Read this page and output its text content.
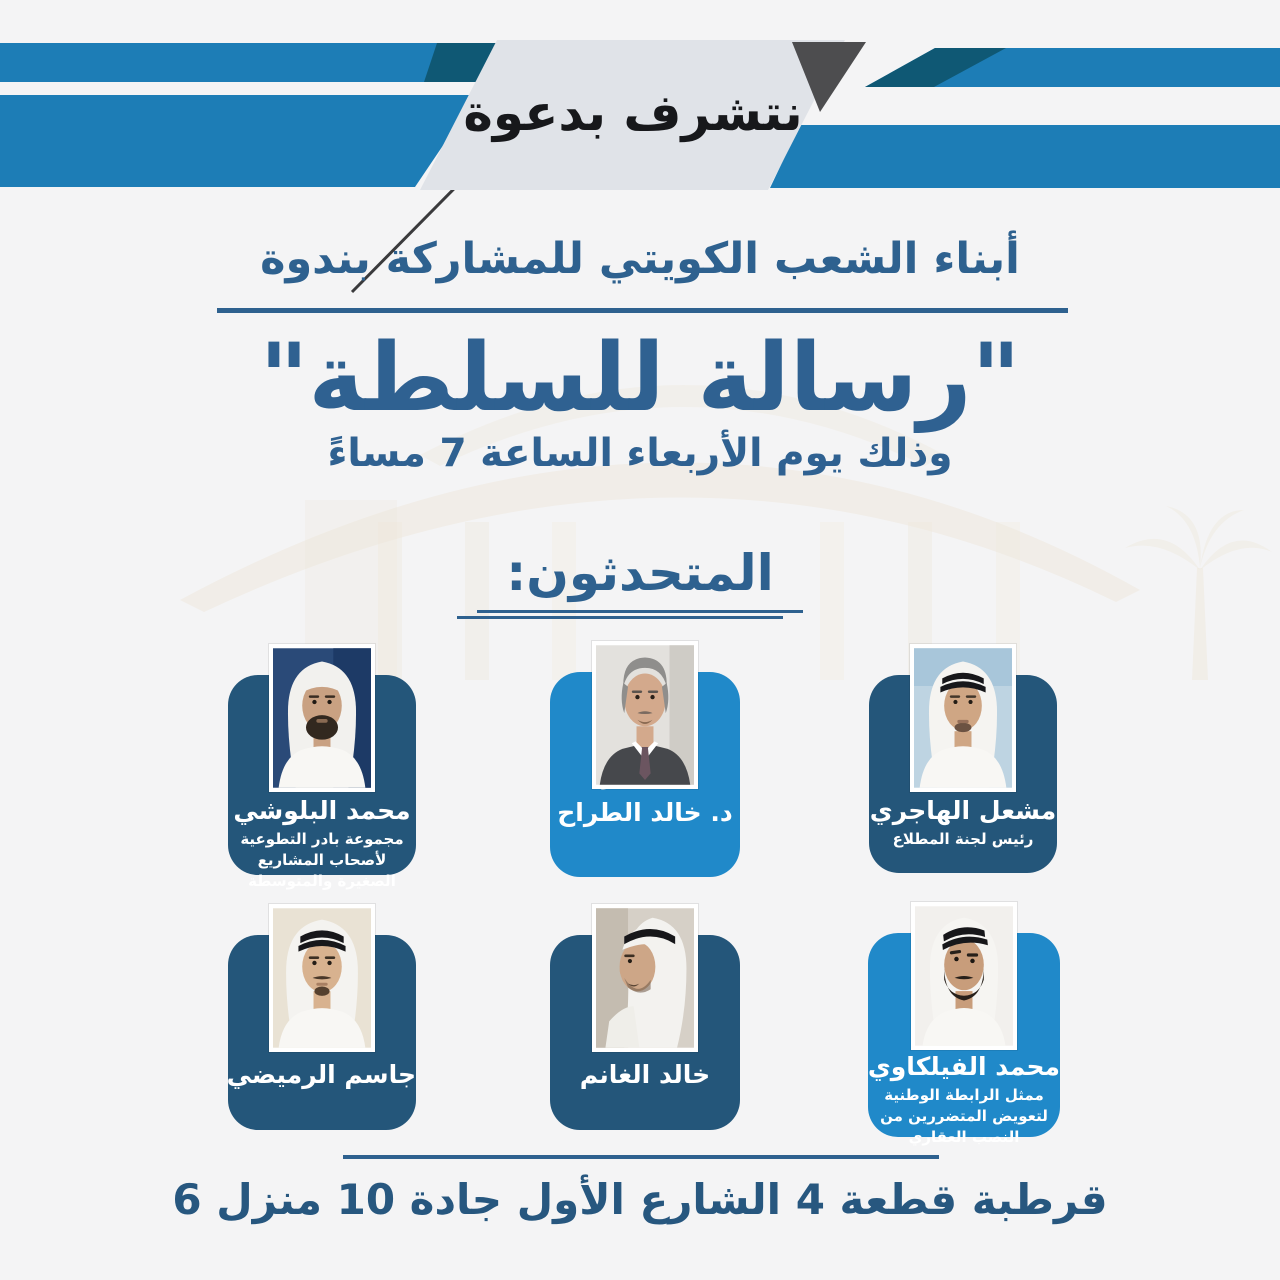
نتشرف بدعوة
أبناء الشعب الكويتي للمشاركة بندوة
"رسالة للسلطة"
وذلك يوم الأربعاء الساعة 7 مساءً
المتحدثون:
محمد البلوشي
مجموعة بادر التطوعية لأصحاب المشاريع الصغيرة والمتوسطة
د. خالد الطراح	مشعل الهاجري
رئيس لجنة المطلاع
جاسم الرميضي	خالد الغانم	محمد الفيلكاوي
ممثل الرابطة الوطنية لتعويض المتضررين من النصب العقاري
قرطبة قطعة 4 الشارع الأول جادة 10 منزل 6
